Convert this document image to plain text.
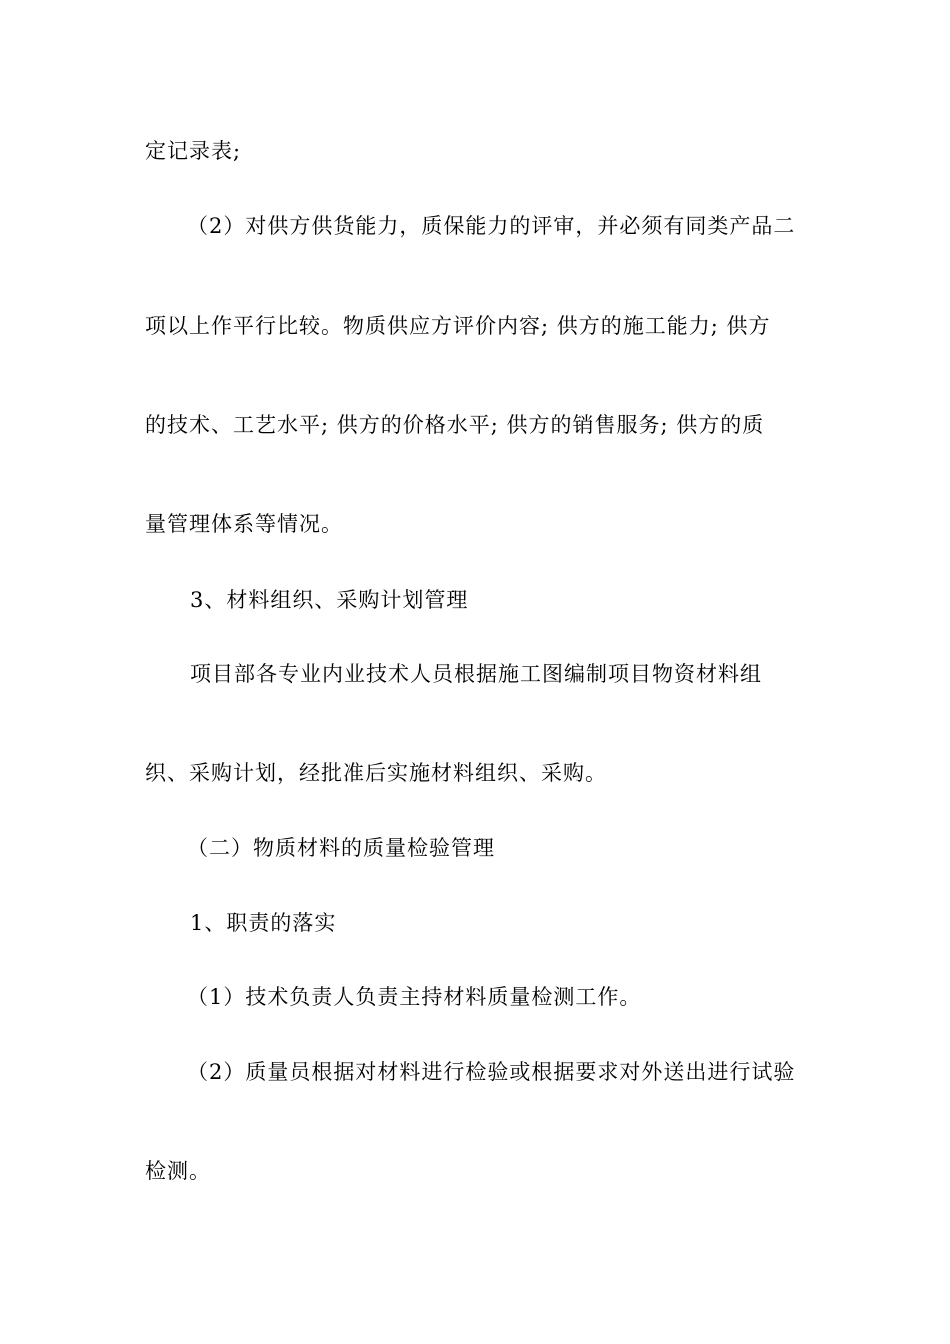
定记录表;
（2）对供方供货能力，质保能力的评审，并必须有同类产品二
项以上作平行比较。物质供应方评价内容; 供方的施工能力; 供方
的技术、工艺水平; 供方的价格水平; 供方的销售服务; 供方的质
量管理体系等情况。
3、材料组织、采购计划管理
项目部各专业内业技术人员根据施工图编制项目物资材料组
织、采购计划，经批准后实施材料组织、采购。
（二）物质材料的质量检验管理
1、职责的落实
（1）技术负责人负责主持材料质量检测工作。
（2）质量员根据对材料进行检验或根据要求对外送出进行试验
检测。
